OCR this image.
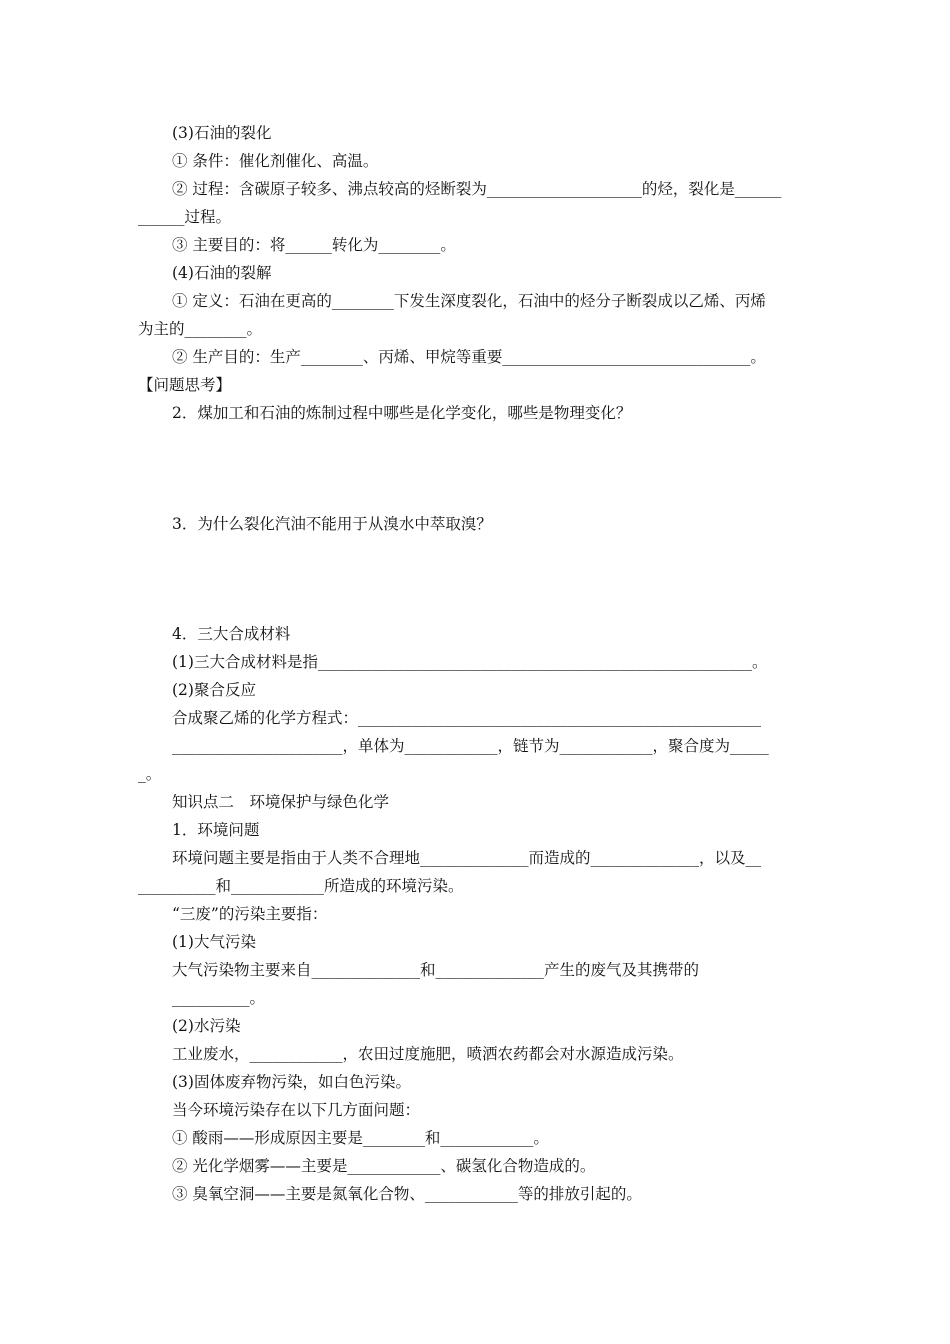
(3)石油的裂化

① 条件：催化剂催化、高温。

② 过程：含碳原子较多、沸点较高的烃断裂为____________________的烃，裂化是______

______过程。

③ 主要目的：将______转化为________。

(4)石油的裂解

① 定义：石油在更高的________下发生深度裂化，石油中的烃分子断裂成以乙烯、丙烯

为主的________。

② 生产目的：生产________、丙烯、甲烷等重要________________________________。

【问题思考】

2．煤加工和石油的炼制过程中哪些是化学变化，哪些是物理变化？

3．为什么裂化汽油不能用于从溴水中萃取溴？

4．三大合成材料

(1)三大合成材料是指________________________________________________________。

(2)聚合反应

合成聚乙烯的化学方程式：____________________________________________________

______________________，单体为____________，链节为____________，聚合度为_____

_。

知识点二　环境保护与绿色化学

1．环境问题

环境问题主要是指由于人类不合理地______________而造成的______________，以及__

__________和____________所造成的环境污染。

“三废”的污染主要指：

(1)大气污染

大气污染物主要来自______________和______________产生的废气及其携带的

__________。

(2)水污染

工业废水，____________，农田过度施肥，喷洒农药都会对水源造成污染。

(3)固体废弃物污染，如白色污染。

当今环境污染存在以下几方面问题：

① 酸雨——形成原因主要是________和____________。

② 光化学烟雾——主要是____________、碳氢化合物造成的。

③ 臭氧空洞——主要是氮氧化合物、____________等的排放引起的。
